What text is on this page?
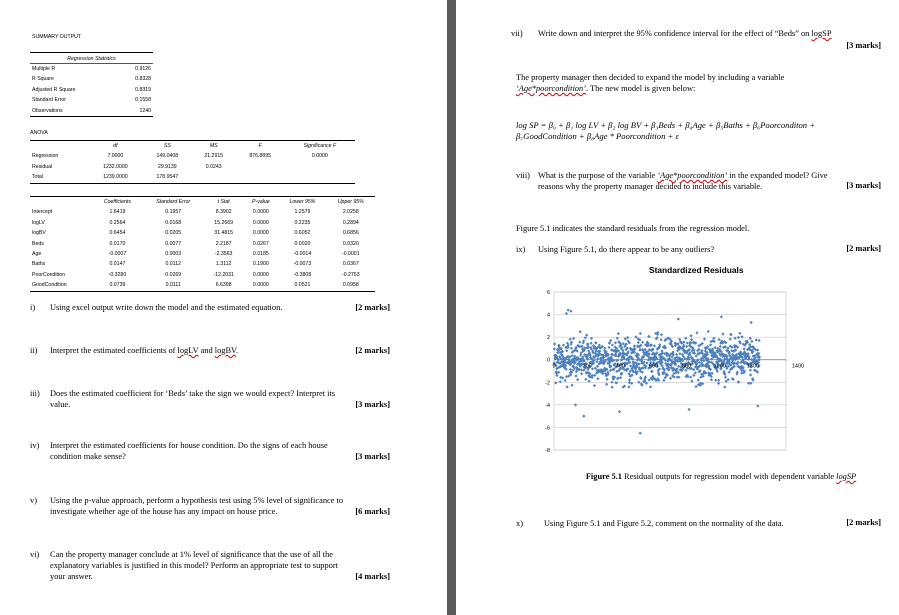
SUMMARY OUTPUT
Regression Statistics
Multiple R	0.9126
R Square	0.8328
Adjusted R Square	0.8319
Standard Error	0.1558
Observations	1240
ANOVA
	df	SS	MS	F	Significance F
Regression	7.0000	149.0408	21.2915	876.8895	0.0000
Residual	1232.0000	29.9139	0.0243		
Total	1239.0000	178.9547			
	Coefficients	Standard Error	t Stat	P-value	Lower 95%	Upper 95%
Intercept	1.6419	0.1957	8.3902	0.0000	1.2579	2.0258
logLV	0.2564	0.0168	15.2669	0.0000	0.2235	0.2894
logBV	0.6454	0.0205	31.4815	0.0000	0.6052	0.6856
Beds	0.0170	0.0077	2.2187	0.0267	0.0020	0.0320
Age	-0.0007	0.0003	-2.3563	0.0185	-0.0014	-0.0001
Baths	0.0147	0.0112	1.3112	0.1900	-0.0073	0.0367
PoorCondition	-0.3280	0.0269	-12.2031	0.0000	-0.3808	-0.2753
GoodCondition	0.0739	0.0111	6.6398	0.0000	0.0521	0.0958
i) Using excel output write down the model and the estimated equation.	[2 marks]
ii) Interpret the estimated coefficients of logLV and logBV.	[2 marks]
iii) Does the estimated coefficient for ‘Beds’ take the sign we would expect? Interpret its
value.	[3 marks]
iv) Interpret the estimated coefficients for house condition. Do the signs of each house
condition make sense?	[3 marks]
v) Using the p-value approach, perform a hypothesis test using 5% level of significance to
investigate whether age of the house has any impact on house price.	[6 marks]
vi) Can the property manager conclude at 1% level of significance that the use of all the
explanatory variables is justified in this model? Perform an appropriate test to support
your answer.	[4 marks]
vii) Write down and interpret the 95% confidence interval for the effect of “Beds” on logSP
[3 marks]
The property manager then decided to expand the model by including a variable
‘Age*poorcondition’. The new model is given below:
log SP = β₀ + β₁ log LV + β₂ log BV + β₃Beds + β₄Age + β₅Baths + β₆Poorconditon +
β₇GoodCondition + β₈Age * Poorcondition + ε
viii) What is the purpose of the variable ‘Age*poorcondition’ in the expanded model? Give
reasons why the property manager decided to include this variable.	[3 marks]
Figure 5.1 indicates the standard residuals from the regression model.
ix) Using Figure 5.1, do there appear to be any outliers?	[2 marks]
Standardized Residuals
6
4
2
0
-2
-4
-6
-8
0	200	400	600	800	1000	1200	1400
Figure 5.1 Residual outputs for regression model with dependent variable logSP
x)	Using Figure 5.1 and Figure 5.2, comment on the normality of the data.	[2 marks]
